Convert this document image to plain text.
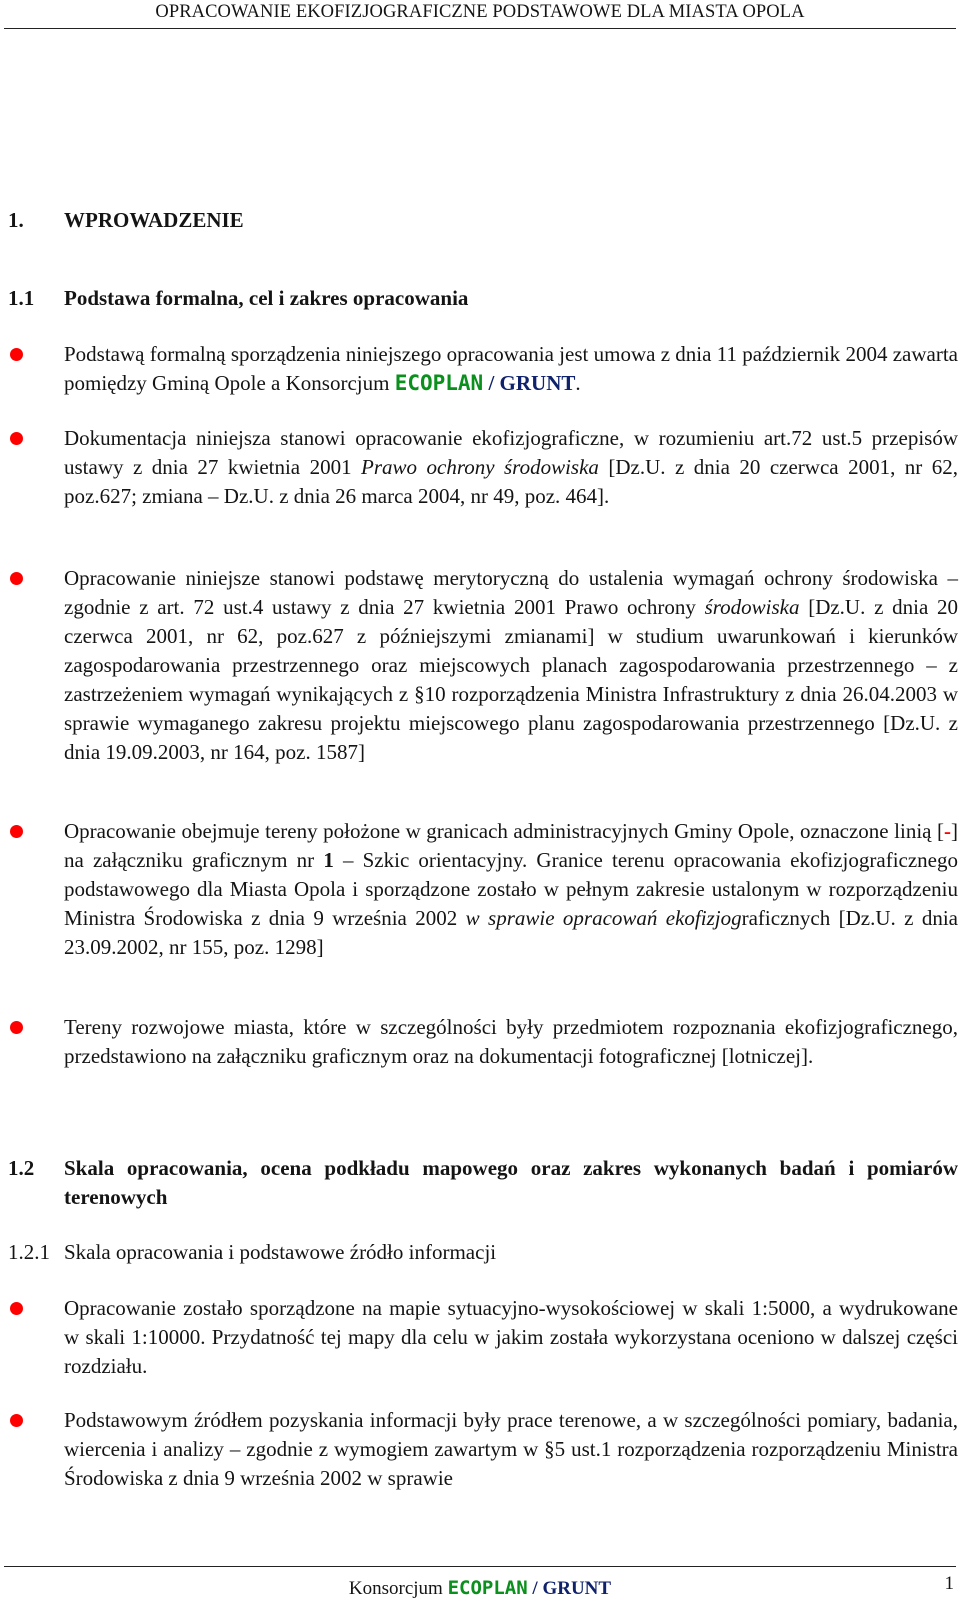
OPRACOWANIE EKOFIZJOGRAFICZNE PODSTAWOWE DLA MIASTA OPOLA
1. WPROWADZENIE
1.1 Podstawa formalna, cel i zakres opracowania

Podstawą formalną sporządzenia niniejszego opracowania jest umowa z dnia 11 październik 2004 zawarta pomiędzy Gminą Opole a Konsorcjum ECOPLAN / GRUNT.

Dokumentacja niniejsza stanowi opracowanie ekofizjograficzne, w rozumieniu art.72 ust.5 przepisów ustawy z dnia 27 kwietnia 2001 Prawo ochrony środowiska [Dz.U. z dnia 20 czerwca 2001, nr 62, poz.627; zmiana – Dz.U. z dnia 26 marca 2004, nr 49, poz. 464].

Opracowanie niniejsze stanowi podstawę merytoryczną do ustalenia wymagań ochrony środowiska – zgodnie z art. 72 ust.4 ustawy z dnia 27 kwietnia 2001 Prawo ochrony środowiska [Dz.U. z dnia 20 czerwca 2001, nr 62, poz.627 z późniejszymi zmianami] w studium uwarunkowań i kierunków zagospodarowania przestrzennego oraz miejscowych planach zagospodarowania przestrzennego – z zastrzeżeniem wymagań wynikających z §10 rozporządzenia Ministra Infrastruktury z dnia 26.04.2003 w sprawie wymaganego zakresu projektu miejscowego planu zagospodarowania przestrzennego [Dz.U. z dnia 19.09.2003, nr 164, poz. 1587]

Opracowanie obejmuje tereny położone w granicach administracyjnych Gminy Opole, oznaczone linią [-] na załączniku graficznym nr 1 – Szkic orientacyjny. Granice terenu opracowania ekofizjograficznego podstawowego dla Miasta Opola i sporządzone zostało w pełnym zakresie ustalonym w rozporządzeniu Ministra Środowiska z dnia 9 września 2002 w sprawie opracowań ekofizjograficznych [Dz.U. z dnia 23.09.2002, nr 155, poz. 1298]

Tereny rozwojowe miasta, które w szczególności były przedmiotem rozpoznania ekofizjograficznego, przedstawiono na załączniku graficznym oraz na dokumentacji fotograficznej [lotniczej].

1.2 Skala opracowania, ocena podkładu mapowego oraz zakres wykonanych badań i pomiarów terenowych
1.2.1 Skala opracowania i podstawowe źródło informacji

Opracowanie zostało sporządzone na mapie sytuacyjno-wysokościowej w skali 1:5000, a wydrukowane w skali 1:10000. Przydatność tej mapy dla celu w jakim została wykorzystana oceniono w dalszej części rozdziału.

Podstawowym źródłem pozyskania informacji były prace terenowe, a w szczególności pomiary, badania, wiercenia i analizy – zgodnie z wymogiem zawartym w §5 ust.1 rozporządzenia rozporządzeniu Ministra Środowiska z dnia 9 września 2002 w sprawie

Konsorcjum ECOPLAN / GRUNT	1
